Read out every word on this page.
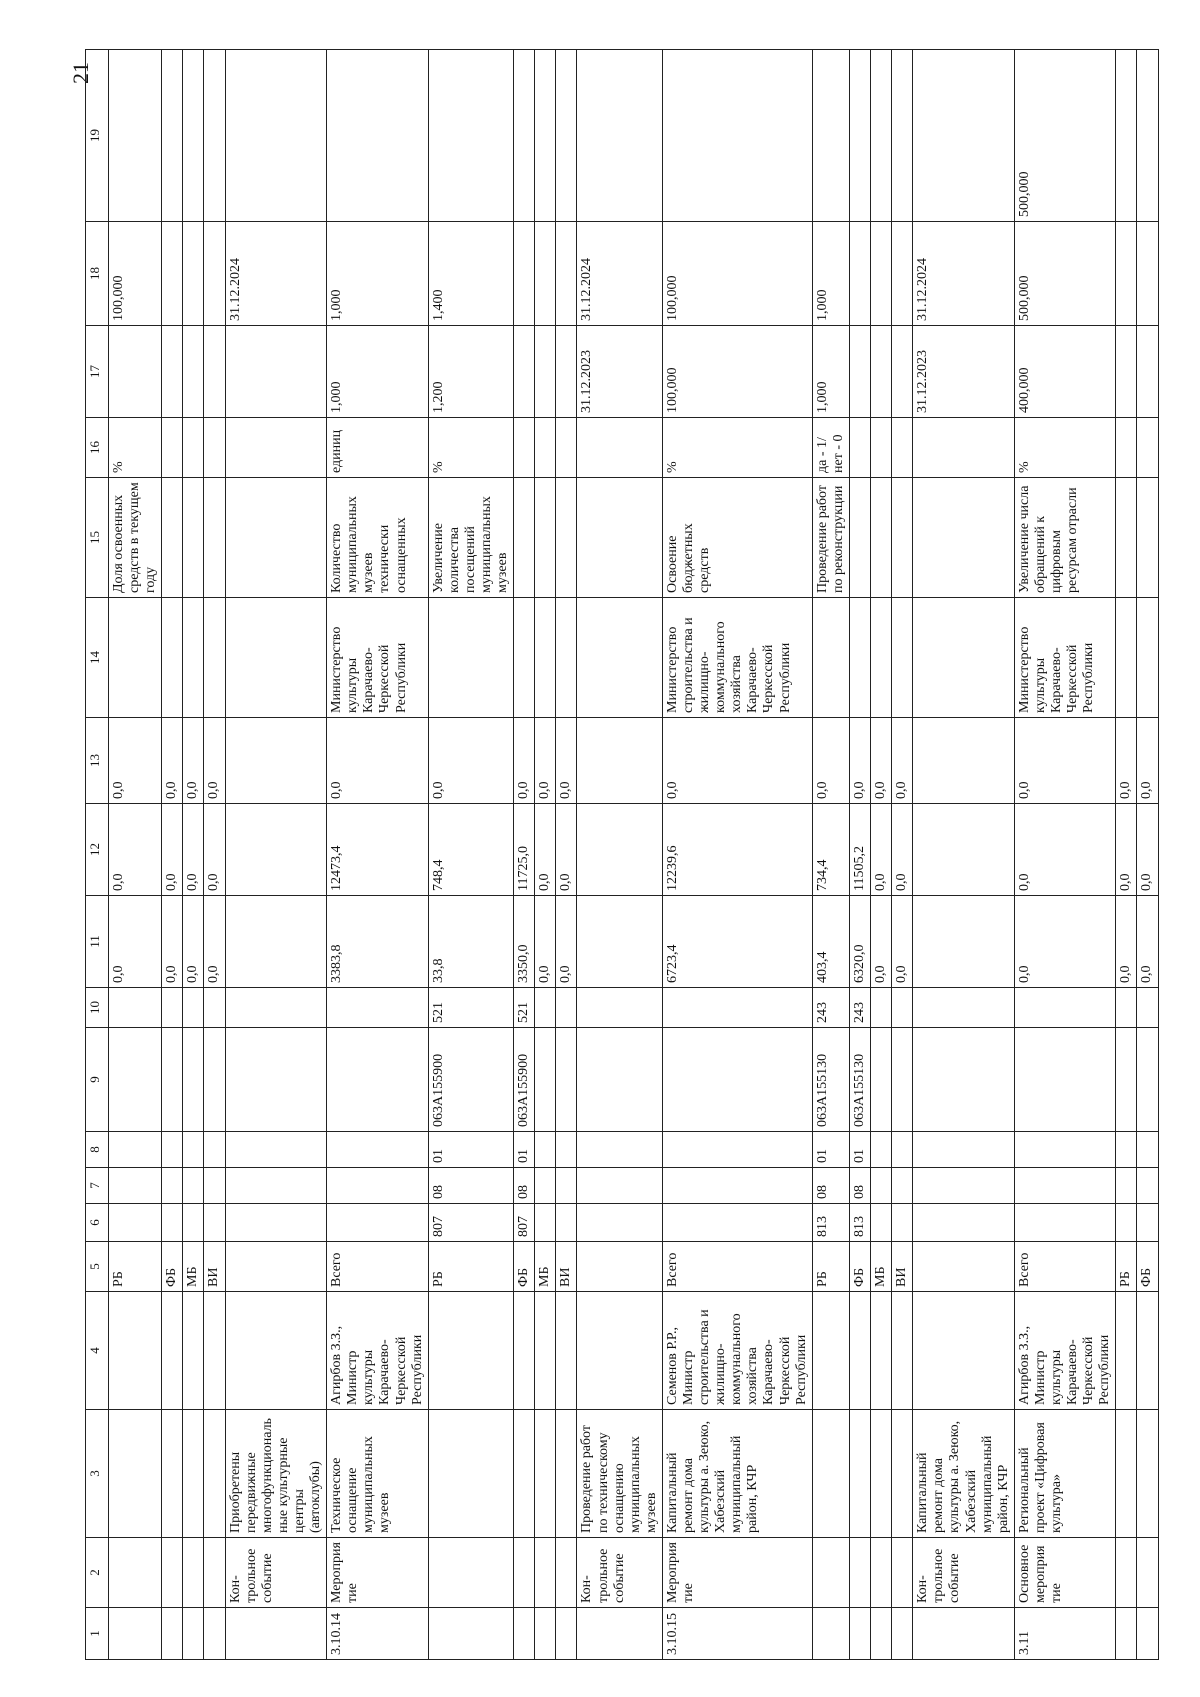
21
1	2	3	4	5	6	7	8	9	10	11	12	13	14	15	16	17	18	19
				РБ						0,0	0,0	0,0		Доля освоенных средств в текущем году	%		100,000	
				ФБ						0,0	0,0	0,0						
				МБ						0,0	0,0	0,0						
				ВИ						0,0	0,0	0,0						
	Кон-трольное событие	Приобретены передвижные многофункциональные культурные центры (автоклубы)															31.12.2024	
3.10.14	Мероприятие	Техническое оснащение муниципальных музеев	Агирбов З.З., Министр культуры Карачаево-Черкесской Республики	Всего						3383,8	12473,4	0,0	Министерство культуры Карачаево-Черкесской Республики	Количество муниципальных музеев технически оснащенных	единиц	1,000	1,000	
				РБ	807	08	01	063A155900	521	33,8	748,4	0,0		Увеличение количества посещений муниципальных музеев	%	1,200	1,400	
				ФБ	807	08	01	063A155900	521	3350,0	11725,0	0,0						
				МБ						0,0	0,0	0,0						
				ВИ						0,0	0,0	0,0						
	Кон-трольное событие	Проведение работ по техническому оснащению муниципальных музеев														31.12.2023	31.12.2024	
3.10.15	Мероприятие	Капитальный ремонт дома культуры а. Зеюко, Хабезский муниципальный район, КЧР	Семенов Р.Р., Министр строительства и жилищно-коммунального хозяйства Карачаево-Черкесской Республики	Всего						6723,4	12239,6	0,0	Министерство строительства и жилищно-коммунального хозяйства Карачаево-Черкесской Республики	Освоение бюджетных средств	%	100,000	100,000	
				РБ	813	08	01	063A155130	243	403,4	734,4	0,0		Проведение работ по реконструкции	да - 1/ нет - 0	1,000	1,000	
				ФБ	813	08	01	063A155130	243	6320,0	11505,2	0,0						
				МБ						0,0	0,0	0,0						
				ВИ						0,0	0,0	0,0						
	Кон-трольное событие	Капитальный ремонт дома культуры а. Зеюко, Хабезский муниципальный район, КЧР														31.12.2023	31.12.2024	
3.11	Основное мероприятие	Региональный проект «Цифровая культура»	Агирбов З.З., Министр культуры Карачаево-Черкесской Республики	Всего						0,0	0,0	0,0	Министерство культуры Карачаево-Черкесской Республики	Увеличение числа обращений к цифровым ресурсам отрасли	%	400,000	500,000	500,000
				РБ						0,0	0,0	0,0						
				ФБ						0,0	0,0	0,0						
